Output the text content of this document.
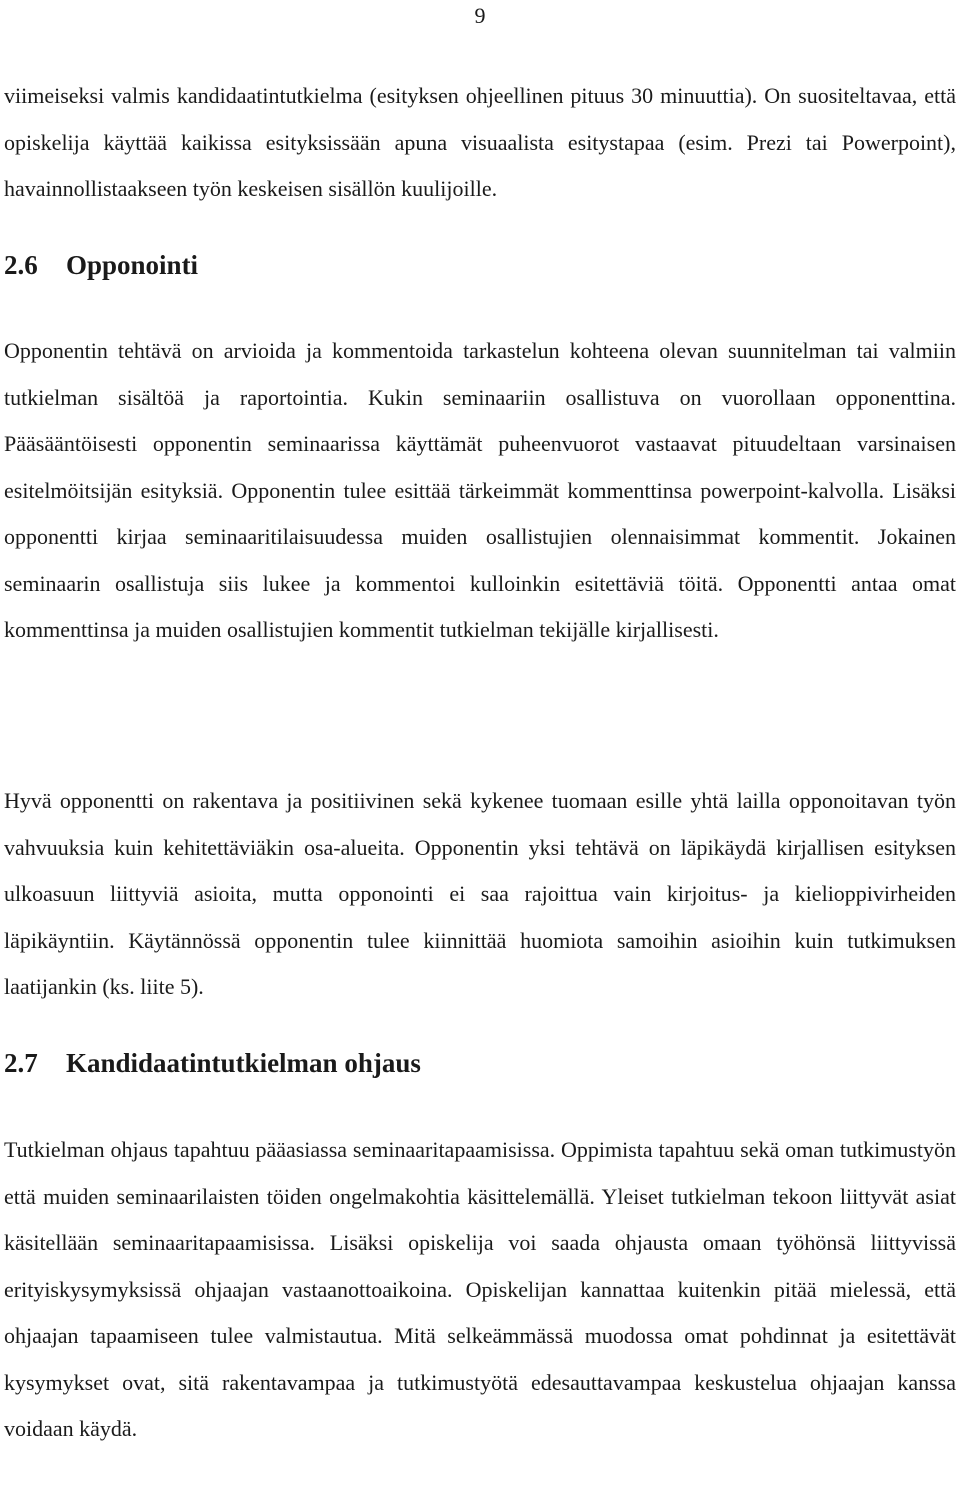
9

viimeiseksi valmis kandidaatintutkielma (esityksen ohjeellinen pituus 30 minuuttia). On suositeltavaa, että opiskelija käyttää kaikissa esityksissään apuna visuaalista esitystapaa (esim. Prezi tai Powerpoint), havainnollistaakseen työn keskeisen sisällön kuulijoille.

2.6 Opponointi

Opponentin tehtävä on arvioida ja kommentoida tarkastelun kohteena olevan suunnitelman tai valmiin tutkielman sisältöä ja raportointia. Kukin seminaariin osallistuva on vuorollaan opponenttina. Pääsääntöisesti opponentin seminaarissa käyttämät puheenvuorot vastaavat pituudeltaan varsinaisen esitelmöitsijän esityksiä. Opponentin tulee esittää tärkeimmät kommenttinsa powerpoint-kalvolla. Lisäksi opponentti kirjaa seminaaritilaisuudessa muiden osallistujien olennaisimmat kommentit. Jokainen seminaarin osallistuja siis lukee ja kommentoi kulloinkin esitettäviä töitä. Opponentti antaa omat kommenttinsa ja muiden osallistujien kommentit tutkielman tekijälle kirjallisesti.

Hyvä opponentti on rakentava ja positiivinen sekä kykenee tuomaan esille yhtä lailla opponoitavan työn vahvuuksia kuin kehitettäviäkin osa-alueita. Opponentin yksi tehtävä on läpikäydä kirjallisen esityksen ulkoasuun liittyviä asioita, mutta opponointi ei saa rajoittua vain kirjoitus- ja kielioppivirheiden läpikäyntiin. Käytännössä opponentin tulee kiinnittää huomiota samoihin asioihin kuin tutkimuksen laatijankin (ks. liite 5).

2.7 Kandidaatintutkielman ohjaus

Tutkielman ohjaus tapahtuu pääasiassa seminaaritapaamisissa. Oppimista tapahtuu sekä oman tutkimustyön että muiden seminaarilaisten töiden ongelmakohtia käsittelemällä. Yleiset tutkielman tekoon liittyvät asiat käsitellään seminaaritapaamisissa. Lisäksi opiskelija voi saada ohjausta omaan työhönsä liittyvissä erityiskysymyksissä ohjaajan vastaanottoaikoina. Opiskelijan kannattaa kuitenkin pitää mielessä, että ohjaajan tapaamiseen tulee valmistautua. Mitä selkeämmässä muodossa omat pohdinnat ja esitettävät kysymykset ovat, sitä rakentavampaa ja tutkimustyötä edesauttavampaa keskustelua ohjaajan kanssa voidaan käydä.
